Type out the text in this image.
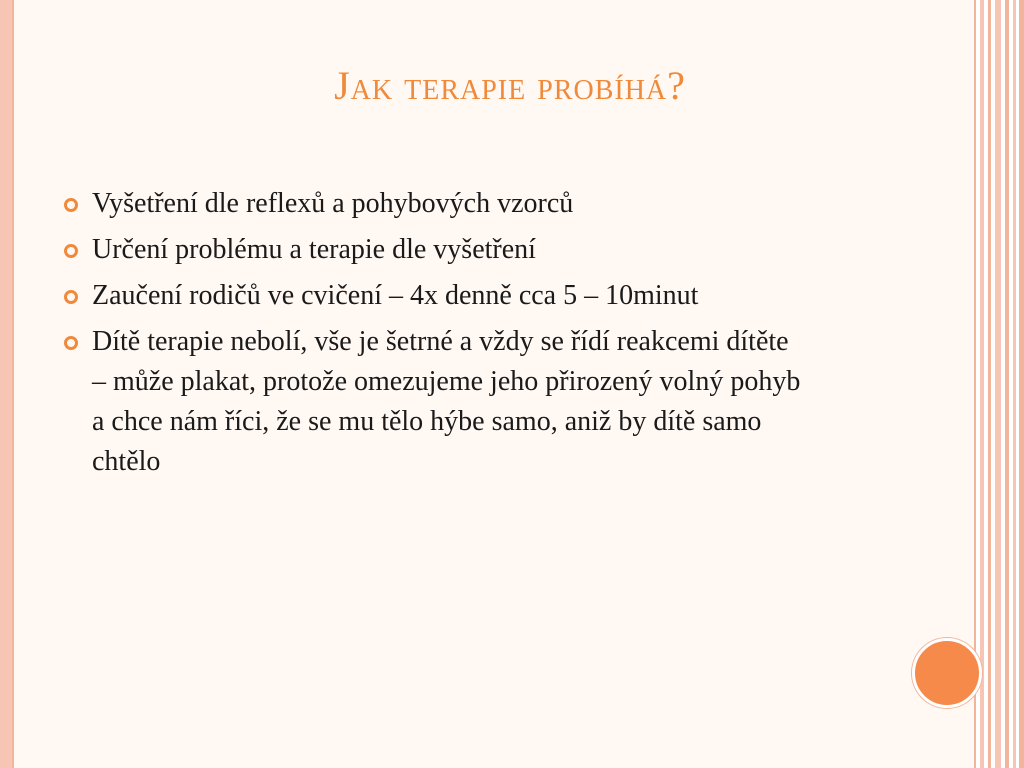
Jak terapie probíhá?
Vyšetření dle reflexů a pohybových vzorců
Určení problému a terapie dle vyšetření
Zaučení rodičů ve cvičení – 4x denně cca 5 – 10minut
Dítě terapie nebolí, vše je šetrné a vždy se řídí reakcemi dítěte – může plakat, protože omezujeme jeho přirozený volný pohyb a chce nám říci, že se mu tělo hýbe samo, aniž by dítě samo chtělo
